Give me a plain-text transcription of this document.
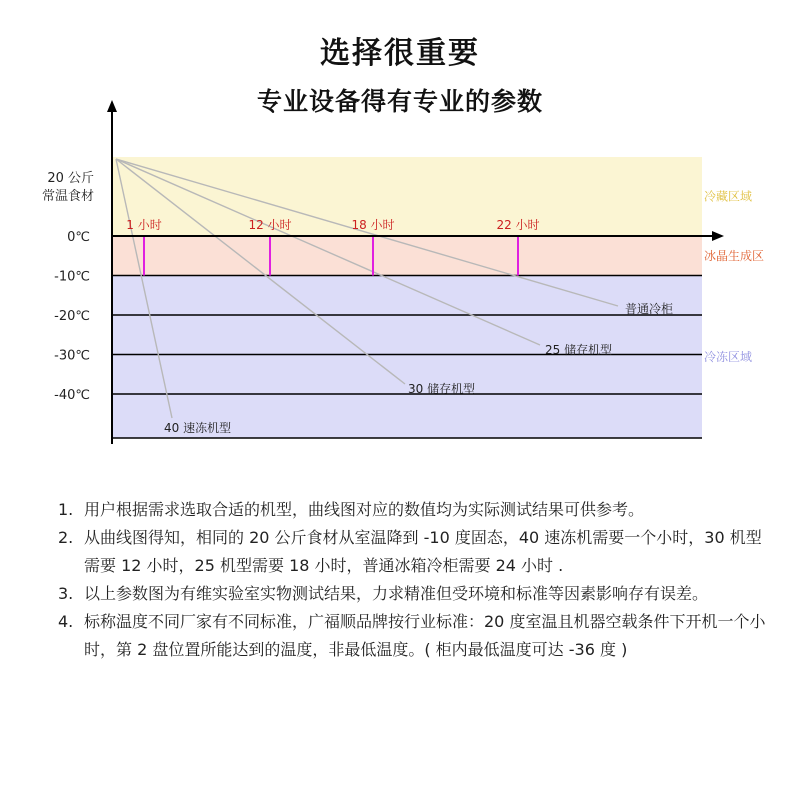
选择很重要
专业设备得有专业的参数
冷藏区域
冰晶生成区
冷冻区域
40 速冻机型
30 储存机型
25 储存机型
普通冷柜
1 小时	12 小时	18 小时	22 小时
20 公斤
常温食材
0℃
-10℃
-20℃
-30℃
-40℃
1. 用户根据需求选取合适的机型，曲线图对应的数值均为实际测试结果可供参考。
2. 从曲线图得知，相同的 20 公斤食材从室温降到 -10 度固态，40 速冻机需要一个小时，30 机型需要 12 小时，25 机型需要 18 小时，普通冰箱冷柜需要 24 小时 .
3. 以上参数图为有维实验室实物测试结果，力求精准但受环境和标准等因素影响存有误差。
4. 标称温度不同厂家有不同标准，广福顺品牌按行业标准：20 度室温且机器空载条件下开机一个小时，第 2 盘位置所能达到的温度，非最低温度。( 柜内最低温度可达 -36 度 )
